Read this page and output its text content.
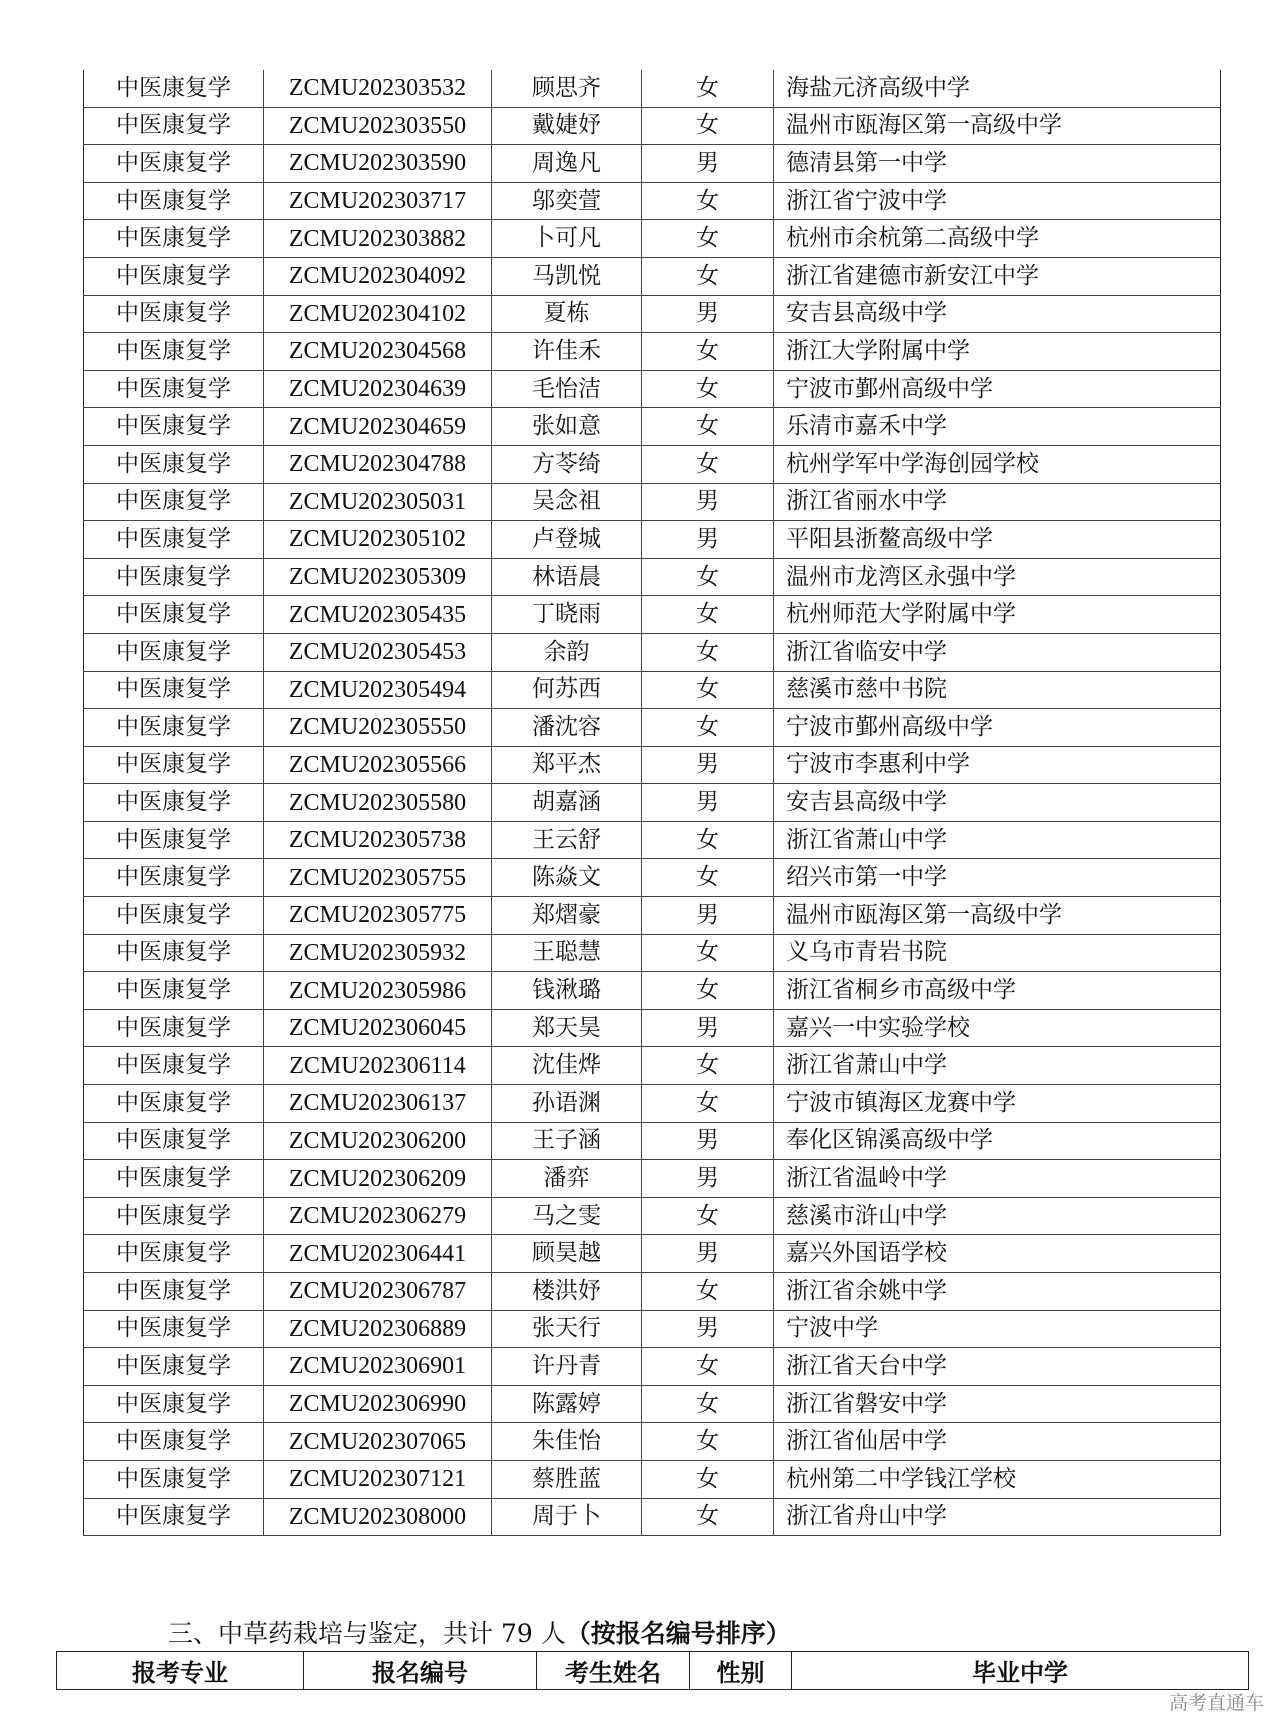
中医康复学	ZCMU202303532	顾思齐	女	海盐元济高级中学
中医康复学	ZCMU202303550	戴婕妤	女	温州市瓯海区第一高级中学
中医康复学	ZCMU202303590	周逸凡	男	德清县第一中学
中医康复学	ZCMU202303717	邬奕萱	女	浙江省宁波中学
中医康复学	ZCMU202303882	卜可凡	女	杭州市余杭第二高级中学
中医康复学	ZCMU202304092	马凯悦	女	浙江省建德市新安江中学
中医康复学	ZCMU202304102	夏栋	男	安吉县高级中学
中医康复学	ZCMU202304568	许佳禾	女	浙江大学附属中学
中医康复学	ZCMU202304639	毛怡洁	女	宁波市鄞州高级中学
中医康复学	ZCMU202304659	张如意	女	乐清市嘉禾中学
中医康复学	ZCMU202304788	方苓绮	女	杭州学军中学海创园学校
中医康复学	ZCMU202305031	吴念祖	男	浙江省丽水中学
中医康复学	ZCMU202305102	卢登城	男	平阳县浙鳌高级中学
中医康复学	ZCMU202305309	林语晨	女	温州市龙湾区永强中学
中医康复学	ZCMU202305435	丁晓雨	女	杭州师范大学附属中学
中医康复学	ZCMU202305453	余韵	女	浙江省临安中学
中医康复学	ZCMU202305494	何苏西	女	慈溪市慈中书院
中医康复学	ZCMU202305550	潘沈容	女	宁波市鄞州高级中学
中医康复学	ZCMU202305566	郑平杰	男	宁波市李惠利中学
中医康复学	ZCMU202305580	胡嘉涵	男	安吉县高级中学
中医康复学	ZCMU202305738	王云舒	女	浙江省萧山中学
中医康复学	ZCMU202305755	陈焱文	女	绍兴市第一中学
中医康复学	ZCMU202305775	郑熠豪	男	温州市瓯海区第一高级中学
中医康复学	ZCMU202305932	王聪慧	女	义乌市青岩书院
中医康复学	ZCMU202305986	钱湫璐	女	浙江省桐乡市高级中学
中医康复学	ZCMU202306045	郑天昊	男	嘉兴一中实验学校
中医康复学	ZCMU202306114	沈佳烨	女	浙江省萧山中学
中医康复学	ZCMU202306137	孙语渊	女	宁波市镇海区龙赛中学
中医康复学	ZCMU202306200	王子涵	男	奉化区锦溪高级中学
中医康复学	ZCMU202306209	潘弈	男	浙江省温岭中学
中医康复学	ZCMU202306279	马之雯	女	慈溪市浒山中学
中医康复学	ZCMU202306441	顾昊越	男	嘉兴外国语学校
中医康复学	ZCMU202306787	楼洪妤	女	浙江省余姚中学
中医康复学	ZCMU202306889	张天行	男	宁波中学
中医康复学	ZCMU202306901	许丹青	女	浙江省天台中学
中医康复学	ZCMU202306990	陈露婷	女	浙江省磐安中学
中医康复学	ZCMU202307065	朱佳怡	女	浙江省仙居中学
中医康复学	ZCMU202307121	蔡胜蓝	女	杭州第二中学钱江学校
中医康复学	ZCMU202308000	周于卜	女	浙江省舟山中学
三、中草药栽培与鉴定，共计 79 人（按报名编号排序）
报考专业	报名编号	考生姓名	性别	毕业中学
高考直通车
